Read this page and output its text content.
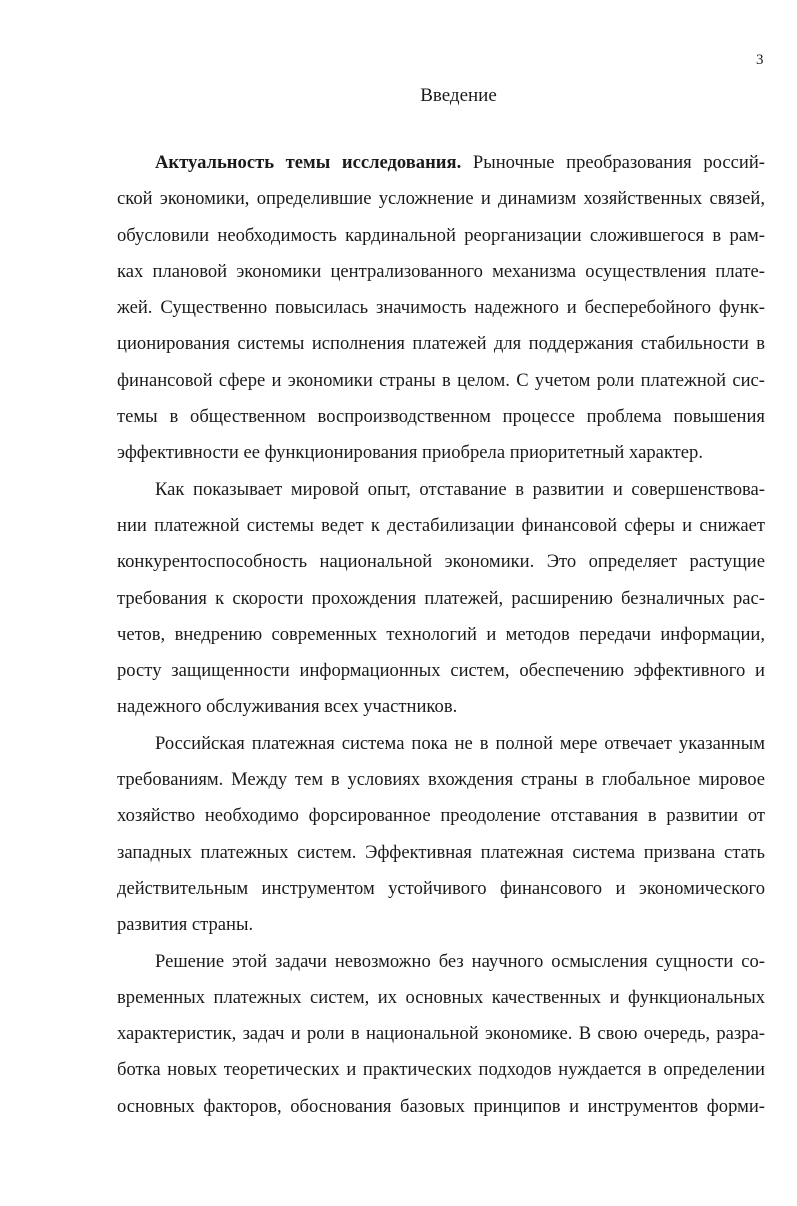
3
Введение
Актуальность темы исследования. Рыночные преобразования россий-
ской экономики, определившие усложнение и динамизм хозяйственных связей,
обусловили необходимость кардинальной реорганизации сложившегося в рам-
ках плановой экономики централизованного механизма осуществления плате-
жей. Существенно повысилась значимость надежного и бесперебойного функ-
ционирования системы исполнения платежей для поддержания стабильности в
финансовой сфере и экономики страны в целом. С учетом роли платежной сис-
темы в общественном воспроизводственном процессе проблема повышения
эффективности ее функционирования приобрела приоритетный характер.
Как показывает мировой опыт, отставание в развитии и совершенствова-
нии платежной системы ведет к дестабилизации финансовой сферы и снижает
конкурентоспособность национальной экономики. Это определяет растущие
требования к скорости прохождения платежей, расширению безналичных рас-
четов, внедрению современных технологий и методов передачи информации,
росту защищенности информационных систем, обеспечению эффективного и
надежного обслуживания всех участников.
Российская платежная система пока не в полной мере отвечает указанным
требованиям. Между тем в условиях вхождения страны в глобальное мировое
хозяйство необходимо форсированное преодоление отставания в развитии от
западных платежных систем. Эффективная платежная система призвана стать
действительным инструментом устойчивого финансового и экономического
развития страны.
Решение этой задачи невозможно без научного осмысления сущности со-
временных платежных систем, их основных качественных и функциональных
характеристик, задач и роли в национальной экономике. В свою очередь, разра-
ботка новых теоретических и практических подходов нуждается в определении
основных факторов, обоснования базовых принципов и инструментов форми-
